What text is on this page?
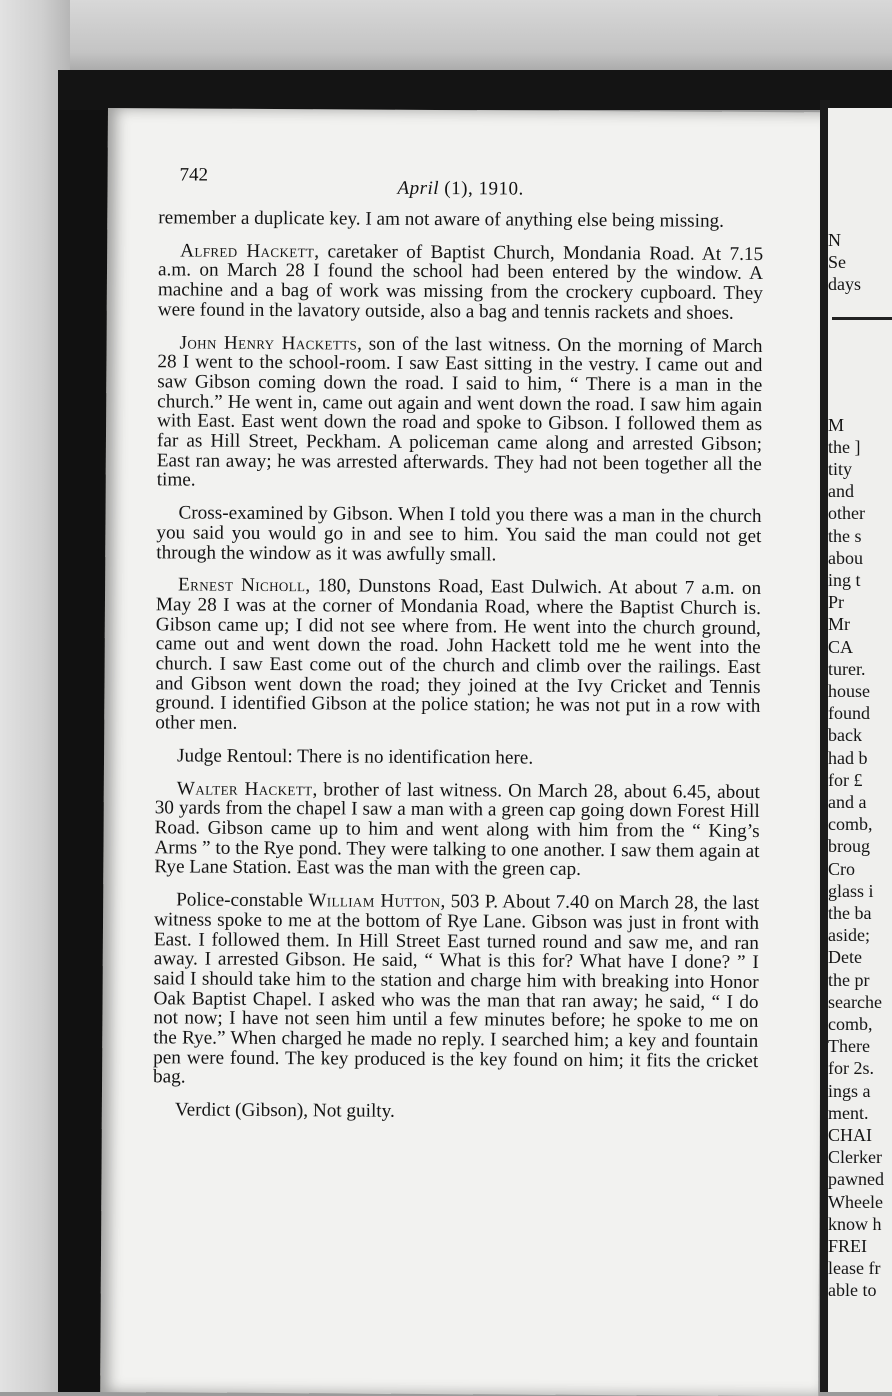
742
April (1), 1910.

remember a duplicate key. I am not aware of anything else being missing.

Alfred Hackett, caretaker of Baptist Church, Mondania Road. At 7.15 a.m. on March 28 I found the school had been entered by the window. A machine and a bag of work was missing from the crockery cupboard. They were found in the lavatory outside, also a bag and tennis rackets and shoes.

John Henry Hacketts, son of the last witness. On the morning of March 28 I went to the school-room. I saw East sitting in the vestry. I came out and saw Gibson coming down the road. I said to him, “ There is a man in the church.” He went in, came out again and went down the road. I saw him again with East. East went down the road and spoke to Gibson. I followed them as far as Hill Street, Peckham. A policeman came along and arrested Gibson; East ran away; he was arrested afterwards. They had not been together all the time.

Cross-examined by Gibson. When I told you there was a man in the church you said you would go in and see to him. You said the man could not get through the window as it was awfully small.

Ernest Nicholl, 180, Dunstons Road, East Dulwich. At about 7 a.m. on May 28 I was at the corner of Mondania Road, where the Baptist Church is. Gibson came up; I did not see where from. He went into the church ground, came out and went down the road. John Hackett told me he went into the church. I saw East come out of the church and climb over the railings. East and Gibson went down the road; they joined at the Ivy Cricket and Tennis ground. I identified Gibson at the police station; he was not put in a row with other men.

Judge Rentoul: There is no identification here.

Walter Hackett, brother of last witness. On March 28, about 6.45, about 30 yards from the chapel I saw a man with a green cap going down Forest Hill Road. Gibson came up to him and went along with him from the “ King’s Arms ” to the Rye pond. They were talking to one another. I saw them again at Rye Lane Station. East was the man with the green cap.

Police-constable William Hutton, 503 P. About 7.40 on March 28, the last witness spoke to me at the bottom of Rye Lane. Gibson was just in front with East. I followed them. In Hill Street East turned round and saw me, and ran away. I arrested Gibson. He said, “ What is this for? What have I done? ” I said I should take him to the station and charge him with breaking into Honor Oak Baptist Chapel. I asked who was the man that ran away; he said, “ I do not now; I have not seen him until a few minutes before; he spoke to me on the Rye.” When charged he made no reply. I searched him; a key and fountain pen were found. The key produced is the key found on him; it fits the cricket bag.

Verdict (Gibson), Not guilty.

N
Se
days
M
the ]
tity
and
other
the s
abou
ing t
Pr
Mr
CA
turer.
house
found
back
had b
for £
and a
comb,
broug
Cro
glass i
the ba
aside;
Dete
the pr
searche
comb,
There
for 2s.
ings a
ment.
CHAI
Clerker
pawned
Wheele
know h
FREI
lease fr
able to
